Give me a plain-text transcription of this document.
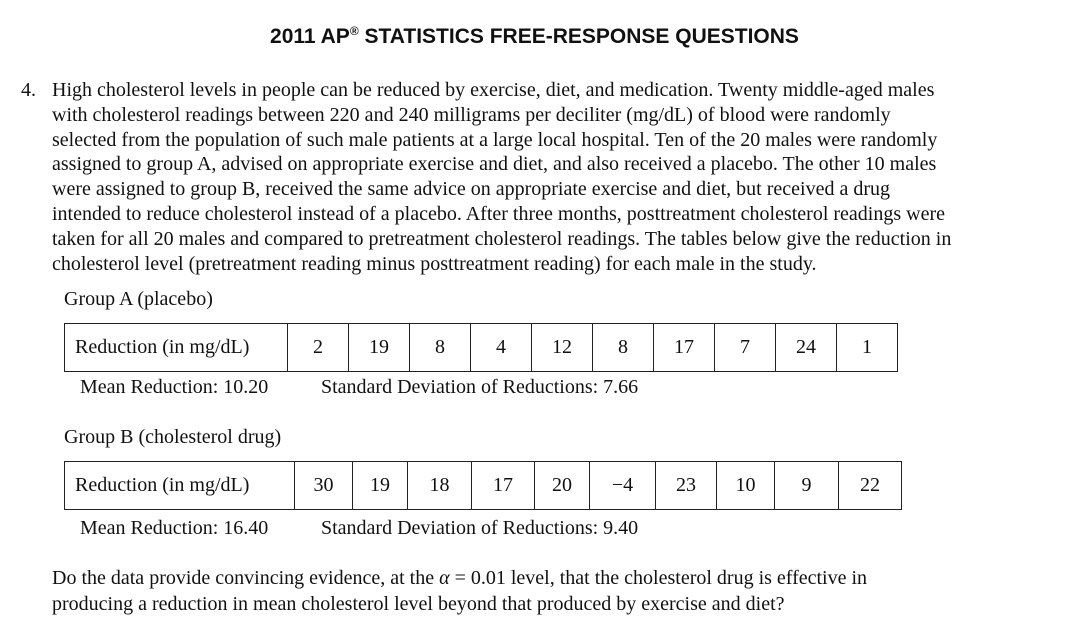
2011 AP® STATISTICS FREE-RESPONSE QUESTIONS
4. High cholesterol levels in people can be reduced by exercise, diet, and medication. Twenty middle-aged males
with cholesterol readings between 220 and 240 milligrams per deciliter (mg/dL) of blood were randomly
selected from the population of such male patients at a large local hospital. Ten of the 20 males were randomly
assigned to group A, advised on appropriate exercise and diet, and also received a placebo. The other 10 males
were assigned to group B, received the same advice on appropriate exercise and diet, but received a drug
intended to reduce cholesterol instead of a placebo. After three months, posttreatment cholesterol readings were
taken for all 20 males and compared to pretreatment cholesterol readings. The tables below give the reduction in
cholesterol level (pretreatment reading minus posttreatment reading) for each male in the study.
Group A (placebo)
Reduction (in mg/dL)	2	19	8	4	12	8	17	7	24	1
Mean Reduction: 10.20	Standard Deviation of Reductions: 7.66
Group B (cholesterol drug)
Reduction (in mg/dL)	30	19	18	17	20	−4	23	10	9	22
Mean Reduction: 16.40	Standard Deviation of Reductions: 9.40
Do the data provide convincing evidence, at the α = 0.01 level, that the cholesterol drug is effective in
producing a reduction in mean cholesterol level beyond that produced by exercise and diet?
